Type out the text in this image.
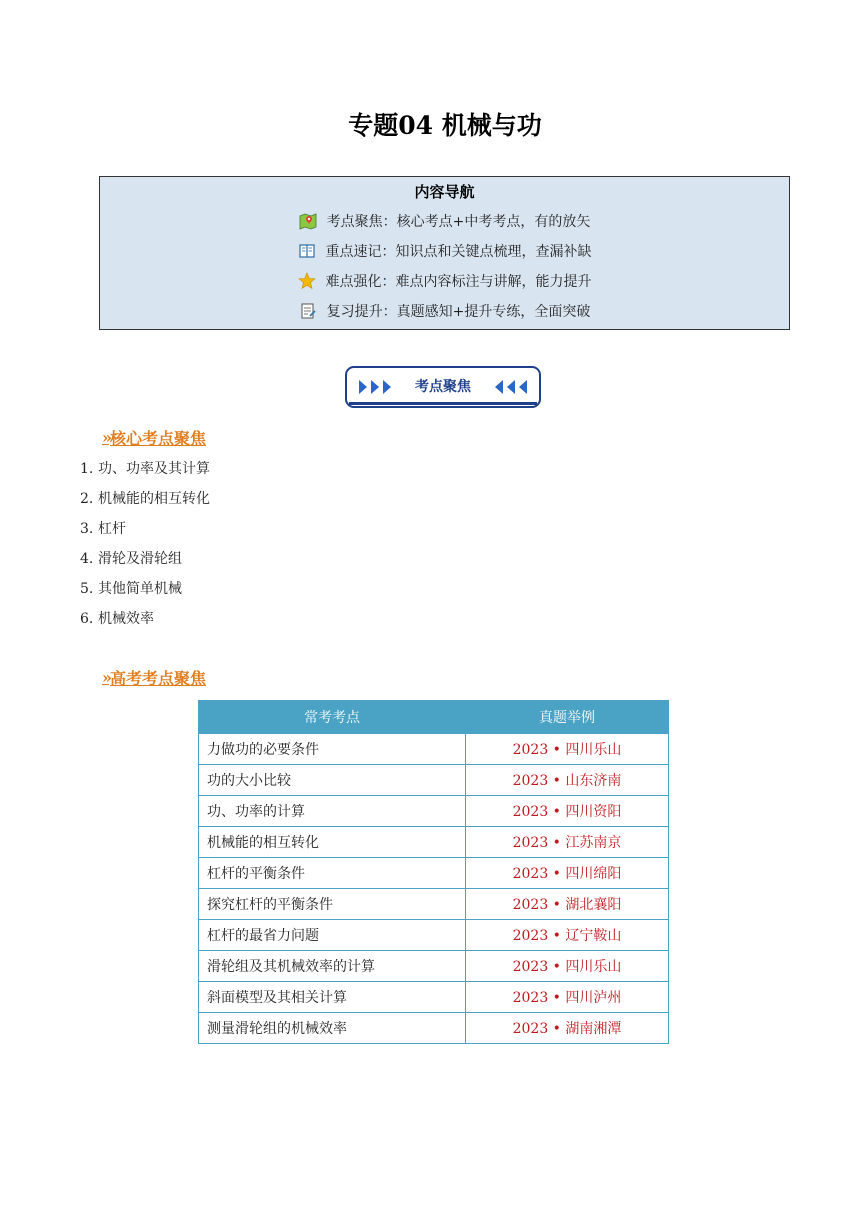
专题04 机械与功
内容导航
考点聚焦：核心考点+中考考点，有的放矢
重点速记：知识点和关键点梳理，查漏补缺
难点强化：难点内容标注与讲解，能力提升
复习提升：真题感知+提升专练，全面突破
考点聚焦
» 核心考点聚焦
1. 功、功率及其计算
2. 机械能的相互转化
3. 杠杆
4. 滑轮及滑轮组
5. 其他简单机械
6. 机械效率
» 高考考点聚焦
常考考点	真题举例
力做功的必要条件	2023 • 四川乐山
功的大小比较	2023 • 山东济南
功、功率的计算	2023 • 四川资阳
机械能的相互转化	2023 • 江苏南京
杠杆的平衡条件	2023 • 四川绵阳
探究杠杆的平衡条件	2023 • 湖北襄阳
杠杆的最省力问题	2023 • 辽宁鞍山
滑轮组及其机械效率的计算	2023 • 四川乐山
斜面模型及其相关计算	2023 • 四川泸州
测量滑轮组的机械效率	2023 • 湖南湘潭
